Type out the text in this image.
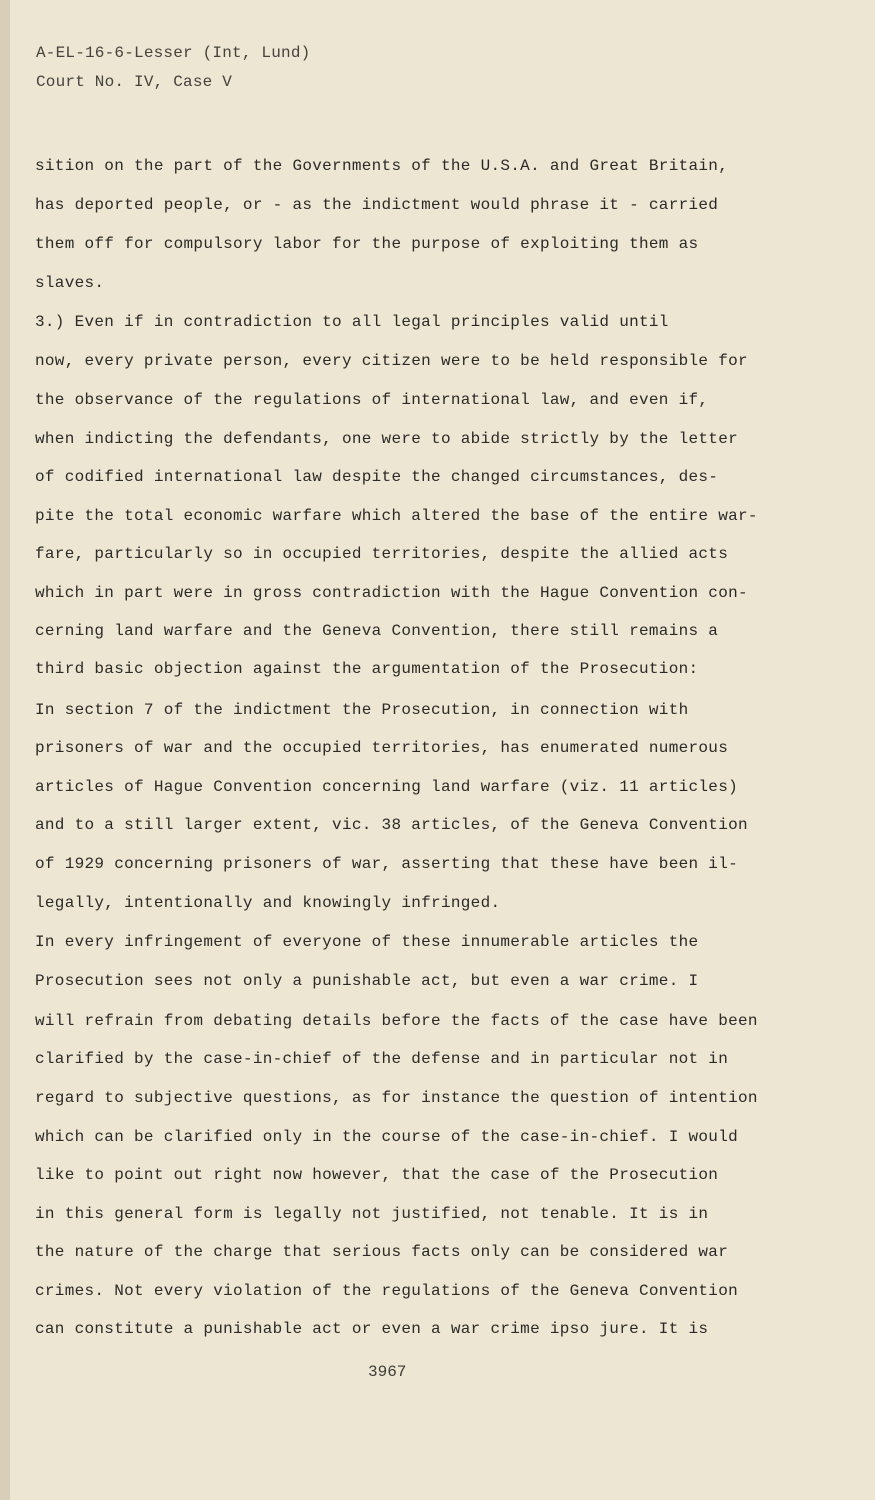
A-EL-16-6-Lesser (Int, Lund)
Court No. IV, Case V
sition on the part of the Governments of the U.S.A. and Great Britain,
has deported people, or - as the indictment would phrase it - carried
them off for compulsory labor for the purpose of exploiting them as
slaves.
3.) Even if in contradiction to all legal principles valid until
now, every private person, every citizen were to be held responsible for
the observance of the regulations of international law, and even if,
when indicting the defendants, one were to abide strictly by the letter
of codified international law despite the changed circumstances, des-
pite the total economic warfare which altered the base of the entire war-
fare, particularly so in occupied territories, despite the allied acts
which in part were in gross contradiction with the Hague Convention con-
cerning land warfare and the Geneva Convention, there still remains a
third basic objection against the argumentation of the Prosecution:
In section 7 of the indictment the Prosecution, in connection with
prisoners of war and the occupied territories, has enumerated numerous
articles of Hague Convention concerning land warfare (viz. 11 articles)
and to a still larger extent, vic. 38 articles, of the Geneva Convention
of 1929 concerning prisoners of war, asserting that these have been il-
legally, intentionally and knowingly infringed.
In every infringement of everyone of these innumerable articles the
Prosecution sees not only a punishable act, but even a war crime. I
will refrain from debating details before the facts of the case have been
clarified by the case-in-chief of the defense and in particular not in
regard to subjective questions, as for instance the question of intention
which can be clarified only in the course of the case-in-chief. I would
like to point out right now however, that the case of the Prosecution
in this general form is legally not justified, not tenable. It is in
the nature of the charge that serious facts only can be considered war
crimes. Not every violation of the regulations of the Geneva Convention
can constitute a punishable act or even a war crime ipso jure. It is
3967
